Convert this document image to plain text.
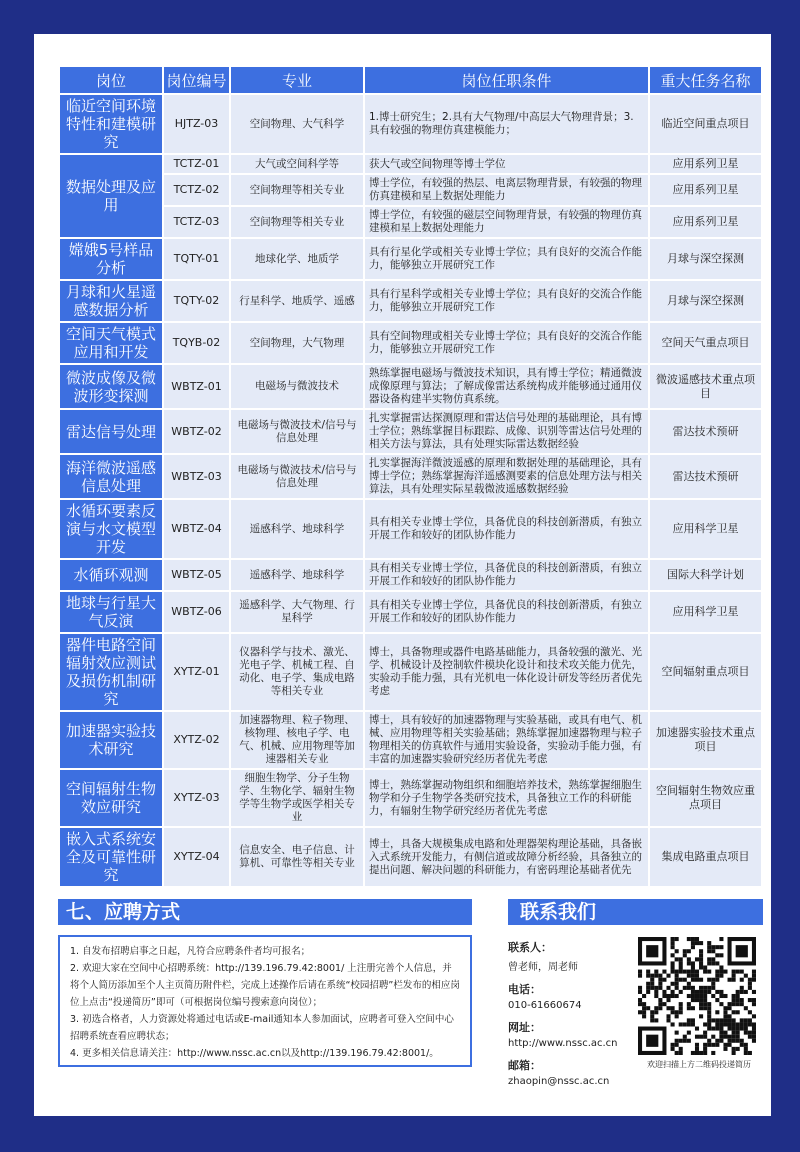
岗位	岗位编号	专业	岗位任职条件	重大任务名称
临近空间环境特性和建模研究	HJTZ-03	空间物理、大气科学	1.博士研究生；2.具有大气物理/中高层大气物理背景；3.具有较强的物理仿真建模能力；	临近空间重点项目
数据处理及应用	TCTZ-01	大气或空间科学等	获大气或空间物理等博士学位	应用系列卫星
	TCTZ-02	空间物理等相关专业	博士学位，有较强的热层、电离层物理背景，有较强的物理仿真建模和星上数据处理能力	应用系列卫星
	TCTZ-03	空间物理等相关专业	博士学位，有较强的磁层空间物理背景，有较强的物理仿真建模和星上数据处理能力	应用系列卫星
嫦娥5号样品分析	TQTY-01	地球化学、地质学	具有行星化学或相关专业博士学位；具有良好的交流合作能力，能够独立开展研究工作	月球与深空探测
月球和火星遥感数据分析	TQTY-02	行星科学、地质学、遥感	具有行星科学或相关专业博士学位；具有良好的交流合作能力，能够独立开展研究工作	月球与深空探测
空间天气模式应用和开发	TQYB-02	空间物理，大气物理	具有空间物理或相关专业博士学位；具有良好的交流合作能力，能够独立开展研究工作	空间天气重点项目
微波成像及微波形变探测	WBTZ-01	电磁场与微波技术	熟练掌握电磁场与微波技术知识，具有博士学位；精通微波成像原理与算法；了解成像雷达系统构成并能够通过通用仪器设备构建半实物仿真系统。	微波遥感技术重点项目
雷达信号处理	WBTZ-02	电磁场与微波技术/信号与信息处理	扎实掌握雷达探测原理和雷达信号处理的基础理论，具有博士学位；熟练掌握目标跟踪、成像、识别等雷达信号处理的相关方法与算法，具有处理实际雷达数据经验	雷达技术预研
海洋微波遥感信息处理	WBTZ-03	电磁场与微波技术/信号与信息处理	扎实掌握海洋微波遥感的原理和数据处理的基础理论，具有博士学位；熟练掌握海洋遥感测要素的信息处理方法与相关算法，具有处理实际星载微波遥感数据经验	雷达技术预研
水循环要素反演与水文模型开发	WBTZ-04	遥感科学、地球科学	具有相关专业博士学位，具备优良的科技创新潜质，有独立开展工作和较好的团队协作能力	应用科学卫星
水循环观测	WBTZ-05	遥感科学、地球科学	具有相关专业博士学位，具备优良的科技创新潜质，有独立开展工作和较好的团队协作能力	国际大科学计划
地球与行星大气反演	WBTZ-06	遥感科学、大气物理、行星科学	具有相关专业博士学位，具备优良的科技创新潜质，有独立开展工作和较好的团队协作能力	应用科学卫星
器件电路空间辐射效应测试及损伤机制研究	XYTZ-01	仪器科学与技术、激光、光电子学、机械工程、自动化、电子学、集成电路等相关专业	博士，具备物理或器件电路基础能力，具备较强的激光、光学、机械设计及控制软件模块化设计和技术攻关能力优先，实验动手能力强，具有光机电一体化设计研发等经历者优先考虑	空间辐射重点项目
加速器实验技术研究	XYTZ-02	加速器物理、粒子物理、核物理、核电子学、电气、机械、应用物理等加速器相关专业	博士，具有较好的加速器物理与实验基础，或具有电气、机械、应用物理等相关实验基础；熟练掌握加速器物理与粒子物理相关的仿真软件与通用实验设备，实验动手能力强，有丰富的加速器实验研究经历者优先考虑	加速器实验技术重点项目
空间辐射生物效应研究	XYTZ-03	细胞生物学、分子生物学、生物化学、辐射生物学等生物学或医学相关专业	博士，熟练掌握动物组织和细胞培养技术，熟练掌握细胞生物学和分子生物学各类研究技术，具备独立工作的科研能力，有辐射生物学研究经历者优先考虑	空间辐射生物效应重点项目
嵌入式系统安全及可靠性研究	XYTZ-04	信息安全、电子信息、计算机、可靠性等相关专业	博士，具备大规模集成电路和处理器架构理论基础，具备嵌入式系统开发能力，有侧信道或故障分析经验，具备独立的提出问题、解决问题的科研能力，有密码理论基础者优先	集成电路重点项目
七、应聘方式
1. 自发布招聘启事之日起，凡符合应聘条件者均可报名；
2. 欢迎大家在空间中心招聘系统：http://139.196.79.42:8001/ 上注册完善个人信息，并将个人简历添加至个人主页简历附件栏，完成上述操作后请在系统“校园招聘”栏发布的相应岗位上点击“投递简历”即可（可根据岗位编号搜索意向岗位）；
3. 初选合格者，人力资源处将通过电话或E-mail通知本人参加面试，应聘者可登入空间中心招聘系统查看应聘状态；
4. 更多相关信息请关注：http://www.nssc.ac.cn以及http://139.196.79.42:8001/。
联系我们
联系人：
曾老师，周老师
电话：
010-61660674
网址：
http://www.nssc.ac.cn
邮箱：
zhaopin@nssc.ac.cn
欢迎扫描上方二维码投递简历
